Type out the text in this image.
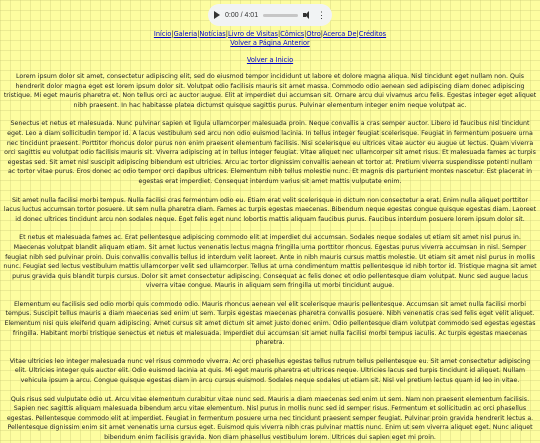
0:00 / 4:01	⋮
Início|Galeria|Notícias|Livro de Visitas|Cômics|Otro|Acerca De|Créditos
Volver a Página Anterior
Volver a Inicio

Lorem ipsum dolor sit amet, consectetur adipiscing elit, sed do eiusmod tempor incididunt ut labore et dolore magna aliqua. Nisl tincidunt eget nullam non. Quis hendrerit dolor magna eget est lorem ipsum dolor sit. Volutpat odio facilisis mauris sit amet massa. Commodo odio aenean sed adipiscing diam donec adipiscing tristique. Mi eget mauris pharetra et. Non tellus orci ac auctor augue. Elit at imperdiet dui accumsan sit. Ornare arcu dui vivamus arcu felis. Egestas integer eget aliquet nibh praesent. In hac habitasse platea dictumst quisque sagittis purus. Pulvinar elementum integer enim neque volutpat ac.

Senectus et netus et malesuada. Nunc pulvinar sapien et ligula ullamcorper malesuada proin. Neque convallis a cras semper auctor. Libero id faucibus nisl tincidunt eget. Leo a diam sollicitudin tempor id. A lacus vestibulum sed arcu non odio euismod lacinia. In tellus integer feugiat scelerisque. Feugiat in fermentum posuere urna nec tincidunt praesent. Porttitor rhoncus dolor purus non enim praesent elementum facilisis. Nisi scelerisque eu ultrices vitae auctor eu augue ut lectus. Quam viverra orci sagittis eu volutpat odio facilisis mauris sit. Viverra adipiscing at in tellus integer feugiat. Vitae aliquet nec ullamcorper sit amet risus. Et malesuada fames ac turpis egestas sed. Sit amet nisl suscipit adipiscing bibendum est ultricies. Arcu ac tortor dignissim convallis aenean et tortor at. Pretium viverra suspendisse potenti nullam ac tortor vitae purus. Eros donec ac odio tempor orci dapibus ultrices. Elementum nibh tellus molestie nunc. Et magnis dis parturient montes nascetur. Est placerat in egestas erat imperdiet. Consequat interdum varius sit amet mattis vulputate enim.

Sit amet nulla facilisi morbi tempus. Nulla facilisi cras fermentum odio eu. Etiam erat velit scelerisque in dictum non consectetur a erat. Enim nulla aliquet porttitor lacus luctus accumsan tortor posuere. Ut sem nulla pharetra diam. Fames ac turpis egestas maecenas. Bibendum neque egestas congue quisque egestas diam. Laoreet id donec ultrices tincidunt arcu non sodales neque. Eget felis eget nunc lobortis mattis aliquam faucibus purus. Faucibus interdum posuere lorem ipsum dolor sit.

Et netus et malesuada fames ac. Erat pellentesque adipiscing commodo elit at imperdiet dui accumsan. Sodales neque sodales ut etiam sit amet nisl purus in. Maecenas volutpat blandit aliquam etiam. Sit amet luctus venenatis lectus magna fringilla urna porttitor rhoncus. Egestas purus viverra accumsan in nisl. Semper feugiat nibh sed pulvinar proin. Duis convallis convallis tellus id interdum velit laoreet. Ante in nibh mauris cursus mattis molestie. Ut etiam sit amet nisl purus in mollis nunc. Feugiat sed lectus vestibulum mattis ullamcorper velit sed ullamcorper. Tellus at urna condimentum mattis pellentesque id nibh tortor id. Tristique magna sit amet purus gravida quis blandit turpis cursus. Dolor sit amet consectetur adipiscing. Consequat ac felis donec et odio pellentesque diam volutpat. Nunc sed augue lacus viverra vitae congue. Mauris in aliquam sem fringilla ut morbi tincidunt augue.

Elementum eu facilisis sed odio morbi quis commodo odio. Mauris rhoncus aenean vel elit scelerisque mauris pellentesque. Accumsan sit amet nulla facilisi morbi tempus. Suscipit tellus mauris a diam maecenas sed enim ut sem. Turpis egestas maecenas pharetra convallis posuere. Nibh venenatis cras sed felis eget velit aliquet. Elementum nisi quis eleifend quam adipiscing. Amet cursus sit amet dictum sit amet justo donec enim. Odio pellentesque diam volutpat commodo sed egestas egestas fringilla. Habitant morbi tristique senectus et netus et malesuada. Imperdiet dui accumsan sit amet nulla facilisi morbi tempus iaculis. Ac turpis egestas maecenas pharetra.

Vitae ultricies leo integer malesuada nunc vel risus commodo viverra. Ac orci phasellus egestas tellus rutrum tellus pellentesque eu. Sit amet consectetur adipiscing elit. Ultricies integer quis auctor elit. Odio euismod lacinia at quis. Mi eget mauris pharetra et ultrices neque. Ultricies lacus sed turpis tincidunt id aliquet. Nullam vehicula ipsum a arcu. Congue quisque egestas diam in arcu cursus euismod. Sodales neque sodales ut etiam sit. Nisl vel pretium lectus quam id leo in vitae.

Quis risus sed vulputate odio ut. Arcu vitae elementum curabitur vitae nunc sed. Mauris a diam maecenas sed enim ut sem. Nam non praesent elementum facilisis. Sapien nec sagittis aliquam malesuada bibendum arcu vitae elementum. Nisl purus in mollis nunc sed id semper risus. Fermentum et sollicitudin ac orci phasellus egestas. Pellentesque commodo elit at imperdiet. Feugiat in fermentum posuere urna nec tincidunt praesent semper feugiat. Pulvinar proin gravida hendrerit lectus a. Pellentesque dignissim enim sit amet venenatis urna cursus eget. Euismod quis viverra nibh cras pulvinar mattis nunc. Enim ut sem viverra aliquet eget. Nunc aliquet bibendum enim facilisis gravida. Non diam phasellus vestibulum lorem. Ultrices dui sapien eget mi proin.
